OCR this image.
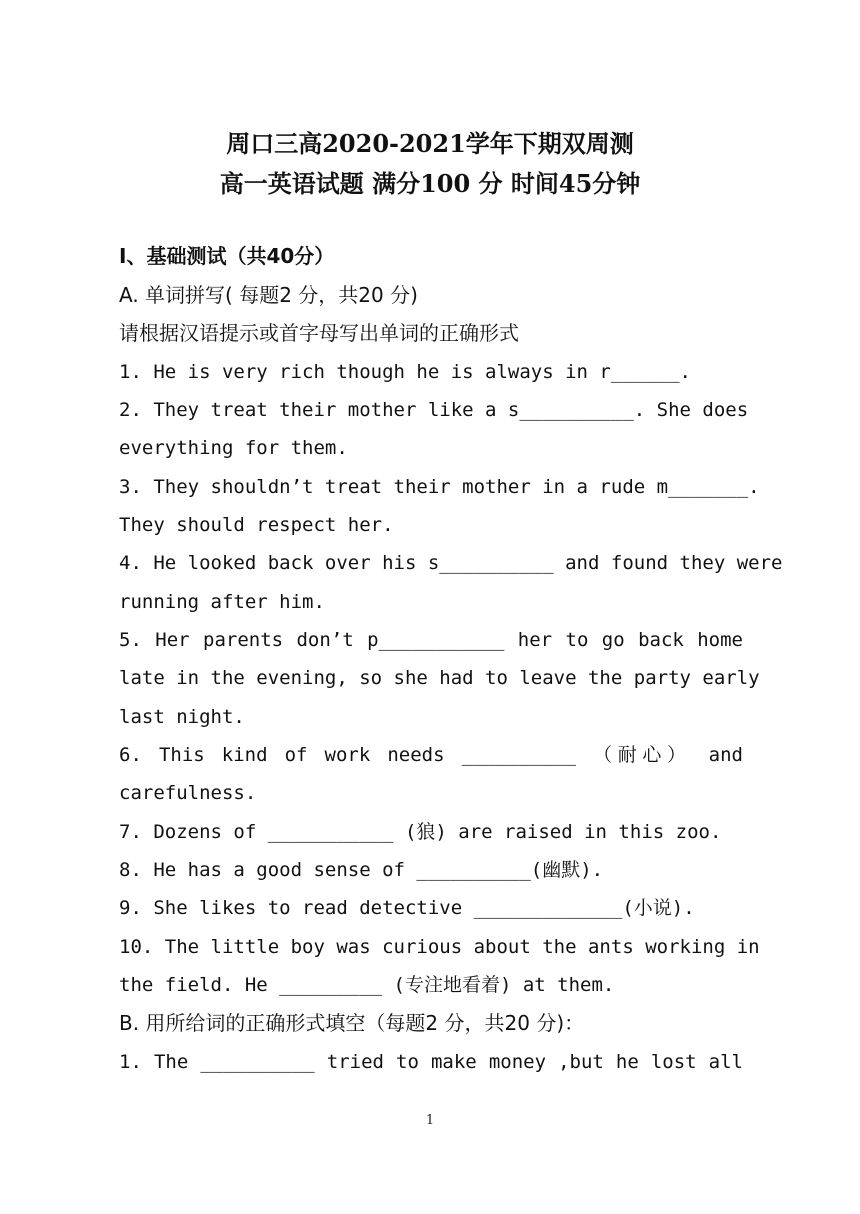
周口三高2020-2021学年下期双周测
高一英语试题 满分100 分 时间45分钟
I、基础测试（共40分）
A. 单词拼写( 每题2 分，共20 分)
请根据汉语提示或首字母写出单词的正确形式
1. He is very rich though he is always in r______.
2. They treat their mother like a s__________. She does
everything for them.
3. They shouldn’t treat their mother in a rude m_______.
They should respect her.
4. He looked back over his s__________ and found they were
running after him.
5. Her parents don’t p___________ her to go back home
late in the evening, so she had to leave the party early
last night.
6. This kind of work needs __________ （耐心） and
carefulness.
7. Dozens of ___________ (狼) are raised in this zoo.
8. He has a good sense of __________(幽默).
9. She likes to read detective _____________(小说).
10. The little boy was curious about the ants working in
the field. He _________ (专注地看着) at them.
B. 用所给词的正确形式填空（每题2 分，共20 分)：
1. The __________ tried to make money ,but he lost all
1
